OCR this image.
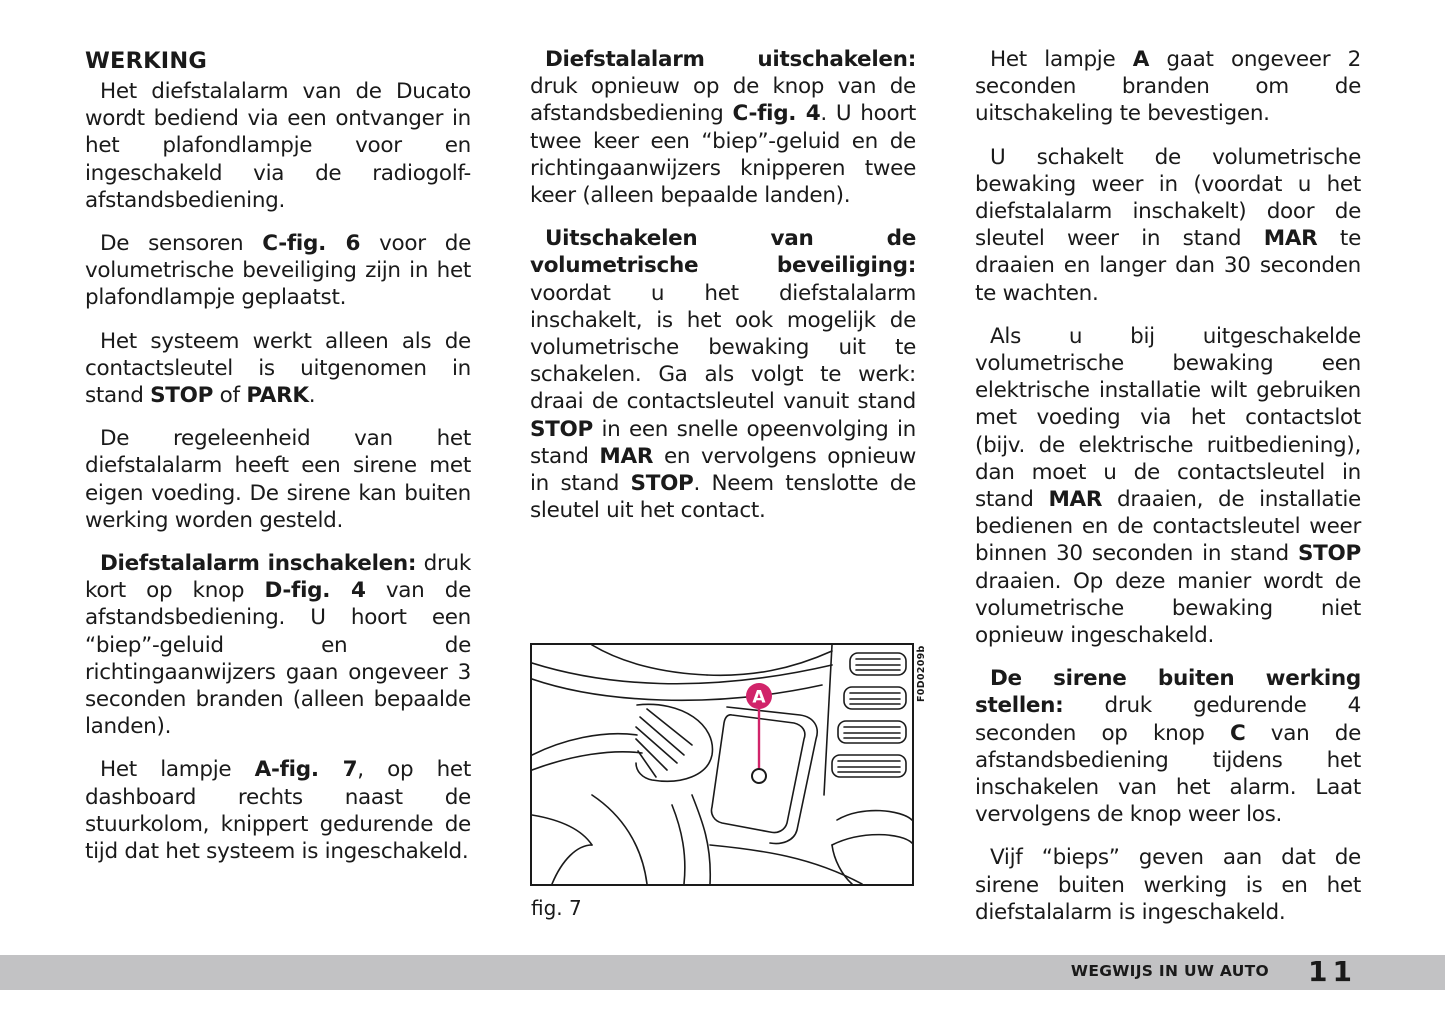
WERKING

Het diefstalalarm van de Ducato wordt bediend via een ontvanger in het plafondlampje voor en ingeschakeld via de radiogolf-afstandsbediening.

De sensoren C-fig. 6 voor de volumetrische beveiliging zijn in het plafondlampje geplaatst.

Het systeem werkt alleen als de contactsleutel is uitgenomen in stand STOP of PARK.

De regeleenheid van het diefstalalarm heeft een sirene met eigen voeding. De sirene kan buiten werking worden gesteld.

Diefstalalarm inschakelen: druk kort op knop D-fig. 4 van de afstandsbediening. U hoort een “biep”-geluid en de richtingaanwijzers gaan ongeveer 3 seconden branden (alleen bepaalde landen).

Het lampje A-fig. 7, op het dashboard rechts naast de stuurkolom, knippert gedurende de tijd dat het systeem is ingeschakeld.

Diefstalalarm uitschakelen: druk opnieuw op de knop van de afstandsbediening C-fig. 4. U hoort twee keer een “biep”-geluid en de richtingaanwijzers knipperen twee keer (alleen bepaalde landen).

Uitschakelen van de volumetrische beveiliging: voordat u het diefstalalarm inschakelt, is het ook mogelijk de volumetrische bewaking uit te schakelen. Ga als volgt te werk: draai de contactsleutel vanuit stand STOP in een snelle opeenvolging in stand MAR en vervolgens opnieuw in stand STOP. Neem tenslotte de sleutel uit het contact.

A	F0D0209b
fig. 7

Het lampje A gaat ongeveer 2 seconden branden om de uitschakeling te bevestigen.

U schakelt de volumetrische bewaking weer in (voordat u het diefstalalarm inschakelt) door de sleutel weer in stand MAR te draaien en langer dan 30 seconden te wachten.

Als u bij uitgeschakelde volumetrische bewaking een elektrische installatie wilt gebruiken met voeding via het contactslot (bijv. de elektrische ruitbediening), dan moet u de contactsleutel in stand MAR draaien, de installatie bedienen en de contactsleutel weer binnen 30 seconden in stand STOP draaien. Op deze manier wordt de volumetrische bewaking niet opnieuw ingeschakeld.

De sirene buiten werking stellen: druk gedurende 4 seconden op knop C van de afstandsbediening tijdens het inschakelen van het alarm. Laat vervolgens de knop weer los.

Vijf “bieps” geven aan dat de sirene buiten werking is en het diefstalalarm is ingeschakeld.

WEGWIJS IN UW AUTO 11
